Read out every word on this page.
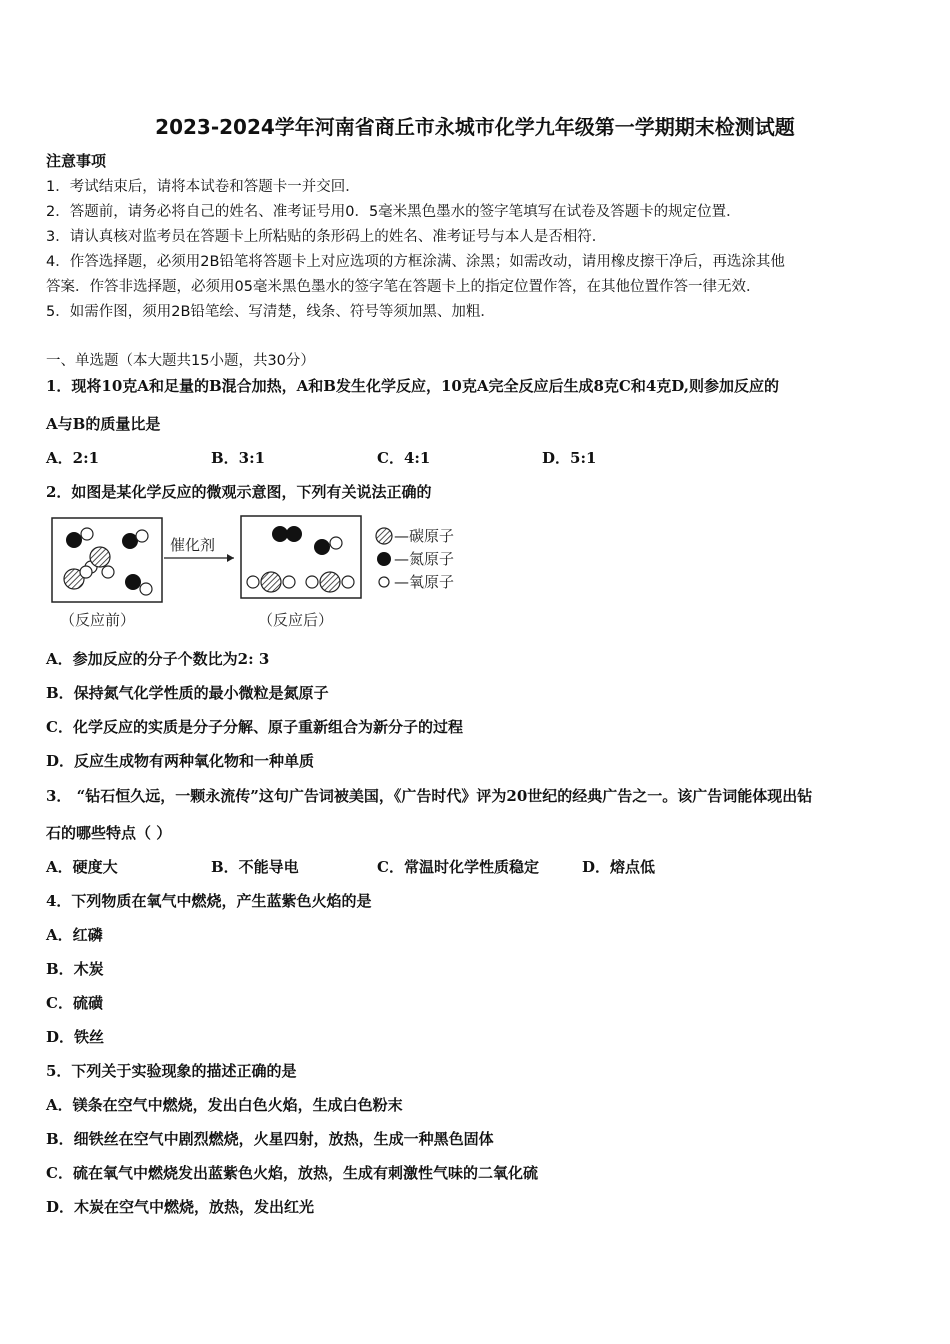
2023-2024学年河南省商丘市永城市化学九年级第一学期期末检测试题
注意事项
1．考试结束后，请将本试卷和答题卡一并交回．
2．答题前，请务必将自己的姓名、准考证号用0．5毫米黑色墨水的签字笔填写在试卷及答题卡的规定位置．
3．请认真核对监考员在答题卡上所粘贴的条形码上的姓名、准考证号与本人是否相符．
4．作答选择题，必须用2B铅笔将答题卡上对应选项的方框涂满、涂黑；如需改动，请用橡皮擦干净后，再选涂其他
答案．作答非选择题，必须用05毫米黑色墨水的签字笔在答题卡上的指定位置作答，在其他位置作答一律无效．
5．如需作图，须用2B铅笔绘、写清楚，线条、符号等须加黑、加粗．
一、单选题（本大题共15小题，共30分）
1．现将10克A和足量的B混合加热，A和B发生化学反应，10克A完全反应后生成8克C和4克D,则参加反应的
A与B的质量比是
A．2:1	B．3:1	C．4:1	D．5:1
2．如图是某化学反应的微观示意图，下列有关说法正确的
（反应前）
催化剂
（反应后）
—碳原子
—氮原子
—氧原子
A．参加反应的分子个数比为2: 3
B．保持氮气化学性质的最小微粒是氮原子
C．化学反应的实质是分子分解、原子重新组合为新分子的过程
D．反应生成物有两种氧化物和一种单质
3． “钻石恒久远，一颗永流传”这句广告词被美国，《广告时代》评为20世纪的经典广告之一。该广告词能体现出钻
石的哪些特点（ ）
A．硬度大	B．不能导电	C．常温时化学性质稳定	D．熔点低
4．下列物质在氧气中燃烧，产生蓝紫色火焰的是
A．红磷
B．木炭
C．硫磺
D．铁丝
5．下列关于实验现象的描述正确的是
A．镁条在空气中燃烧，发出白色火焰，生成白色粉末
B．细铁丝在空气中剧烈燃烧，火星四射，放热，生成一种黑色固体
C．硫在氧气中燃烧发出蓝紫色火焰，放热，生成有刺激性气味的二氧化硫
D．木炭在空气中燃烧，放热，发出红光
